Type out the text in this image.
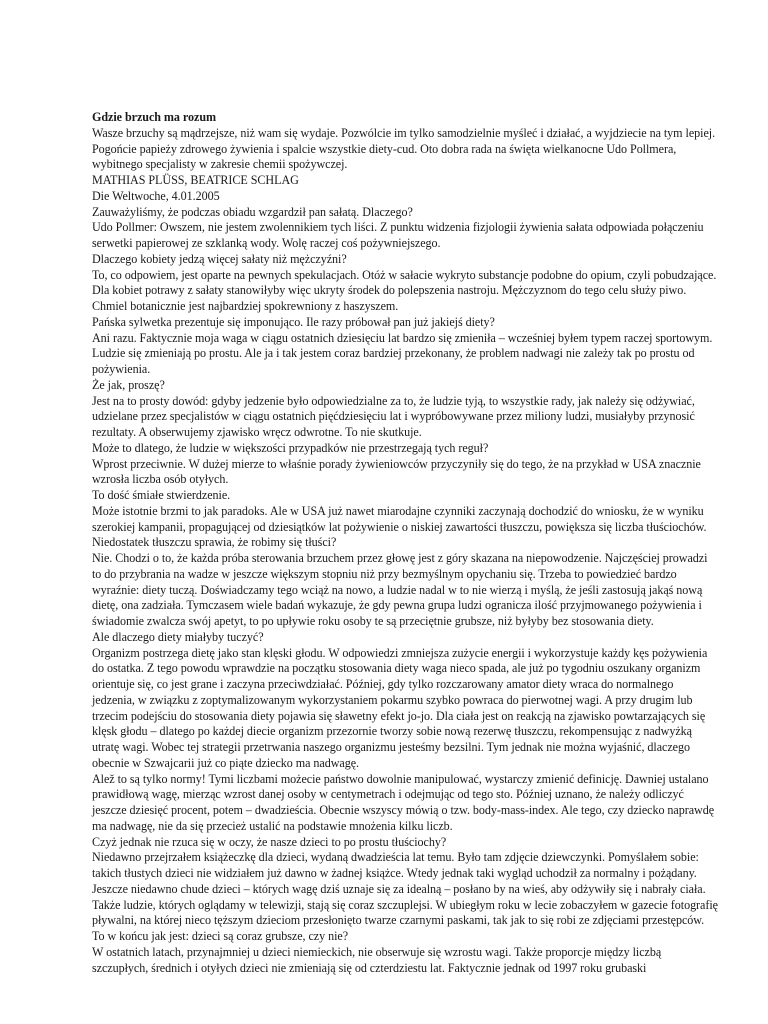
Gdzie brzuch ma rozum

Wasze brzuchy są mądrzejsze, niż wam się wydaje. Pozwólcie im tylko samodzielnie myśleć i działać, a wyjdziecie na tym lepiej. Pogońcie papieży zdrowego żywienia i spalcie wszystkie diety-cud. Oto dobra rada na święta wielkanocne Udo Pollmera, wybitnego specjalisty w zakresie chemii spożywczej.

MATHIAS PLÜSS, BEATRICE SCHLAG

Die Weltwoche, 4.01.2005

Zauważyliśmy, że podczas obiadu wzgardził pan sałatą. Dlaczego?

Udo Pollmer: Owszem, nie jestem zwolennikiem tych liści. Z punktu widzenia fizjologii żywienia sałata odpowiada połączeniu serwetki papierowej ze szklanką wody. Wolę raczej coś pożywniejszego.

Dlaczego kobiety jedzą więcej sałaty niż mężczyźni?

To, co odpowiem, jest oparte na pewnych spekulacjach. Otóż w sałacie wykryto substancje podobne do opium, czyli pobudzające. Dla kobiet potrawy z sałaty stanowiłyby więc ukryty środek do polepszenia nastroju. Mężczyznom do tego celu służy piwo. Chmiel botanicznie jest najbardziej spokrewniony z haszyszem.

Pańska sylwetka prezentuje się imponująco. Ile razy próbował pan już jakiejś diety?

Ani razu. Faktycznie moja waga w ciągu ostatnich dziesięciu lat bardzo się zmieniła – wcześniej byłem typem raczej sportowym. Ludzie się zmieniają po prostu. Ale ja i tak jestem coraz bardziej przekonany, że problem nadwagi nie zależy tak po prostu od pożywienia.

Że jak, proszę?

Jest na to prosty dowód: gdyby jedzenie było odpowiedzialne za to, że ludzie tyją, to wszystkie rady, jak należy się odżywiać, udzielane przez specjalistów w ciągu ostatnich pięćdziesięciu lat i wypróbowywane przez miliony ludzi, musiałyby przynosić rezultaty. A obserwujemy zjawisko wręcz odwrotne. To nie skutkuje.

Może to dlatego, że ludzie w większości przypadków nie przestrzegają tych reguł?

Wprost przeciwnie. W dużej mierze to właśnie porady żywieniowców przyczyniły się do tego, że na przykład w USA znacznie wzrosła liczba osób otyłych.

To dość śmiałe stwierdzenie.

Może istotnie brzmi to jak paradoks. Ale w USA już nawet miarodajne czynniki zaczynają dochodzić do wniosku, że w wyniku szerokiej kampanii, propagującej od dziesiątków lat pożywienie o niskiej zawartości tłuszczu, powiększa się liczba tłuściochów.

Niedostatek tłuszczu sprawia, że robimy się tłuści?

Nie. Chodzi o to, że każda próba sterowania brzuchem przez głowę jest z góry skazana na niepowodzenie. Najczęściej prowadzi to do przybrania na wadze w jeszcze większym stopniu niż przy bezmyślnym opychaniu się. Trzeba to powiedzieć bardzo wyraźnie: diety tuczą. Doświadczamy tego wciąż na nowo, a ludzie nadal w to nie wierzą i myślą, że jeśli zastosują jakąś nową dietę, ona zadziała. Tymczasem wiele badań wykazuje, że gdy pewna grupa ludzi ogranicza ilość przyjmowanego pożywienia i świadomie zwalcza swój apetyt, to po upływie roku osoby te są przeciętnie grubsze, niż byłyby bez stosowania diety.

Ale dlaczego diety miałyby tuczyć?

Organizm postrzega dietę jako stan klęski głodu. W odpowiedzi zmniejsza zużycie energii i wykorzystuje każdy kęs pożywienia do ostatka. Z tego powodu wprawdzie na początku stosowania diety waga nieco spada, ale już po tygodniu oszukany organizm orientuje się, co jest grane i zaczyna przeciwdziałać. Później, gdy tylko rozczarowany amator diety wraca do normalnego jedzenia, w związku z zoptymalizowanym wykorzystaniem pokarmu szybko powraca do pierwotnej wagi. A przy drugim lub trzecim podejściu do stosowania diety pojawia się sławetny efekt jo-jo. Dla ciała jest on reakcją na zjawisko powtarzających się klęsk głodu – dlatego po każdej diecie organizm przezornie tworzy sobie nową rezerwę tłuszczu, rekompensując z nadwyżką utratę wagi. Wobec tej strategii przetrwania naszego organizmu jesteśmy bezsilni. Tym jednak nie można wyjaśnić, dlaczego obecnie w Szwajcarii już co piąte dziecko ma nadwagę.

Alež to są tylko normy! Tymi liczbami możecie państwo dowolnie manipulować, wystarczy zmienić definicję. Dawniej ustalano prawidłową wagę, mierząc wzrost danej osoby w centymetrach i odejmując od tego sto. Później uznano, że należy odliczyć jeszcze dziesięć procent, potem – dwadzieścia. Obecnie wszyscy mówią o tzw. body-mass-index. Ale tego, czy dziecko naprawdę ma nadwagę, nie da się przecież ustalić na podstawie mnożenia kilku liczb.

Czyż jednak nie rzuca się w oczy, że nasze dzieci to po prostu tłuściochy?

Niedawno przejrzałem książeczkę dla dzieci, wydaną dwadzieścia lat temu. Było tam zdjęcie dziewczynki. Pomyślałem sobie: takich tłustych dzieci nie widziałem już dawno w żadnej książce. Wtedy jednak taki wygląd uchodził za normalny i pożądany. Jeszcze niedawno chude dzieci – których wagę dziś uznaje się za idealną – posłano by na wieś, aby odżywiły się i nabrały ciała. Także ludzie, których oglądamy w telewizji, stają się coraz szczuplejsi. W ubiegłym roku w lecie zobaczyłem w gazecie fotografię pływalni, na której nieco tęższym dzieciom przesłonięto twarze czarnymi paskami, tak jak to się robi ze zdjęciami przestępców.

To w końcu jak jest: dzieci są coraz grubsze, czy nie?

W ostatnich latach, przynajmniej u dzieci niemieckich, nie obserwuje się wzrostu wagi. Także proporcje między liczbą szczupłych, średnich i otyłych dzieci nie zmieniają się od czterdziestu lat. Faktycznie jednak od 1997 roku grubaski
